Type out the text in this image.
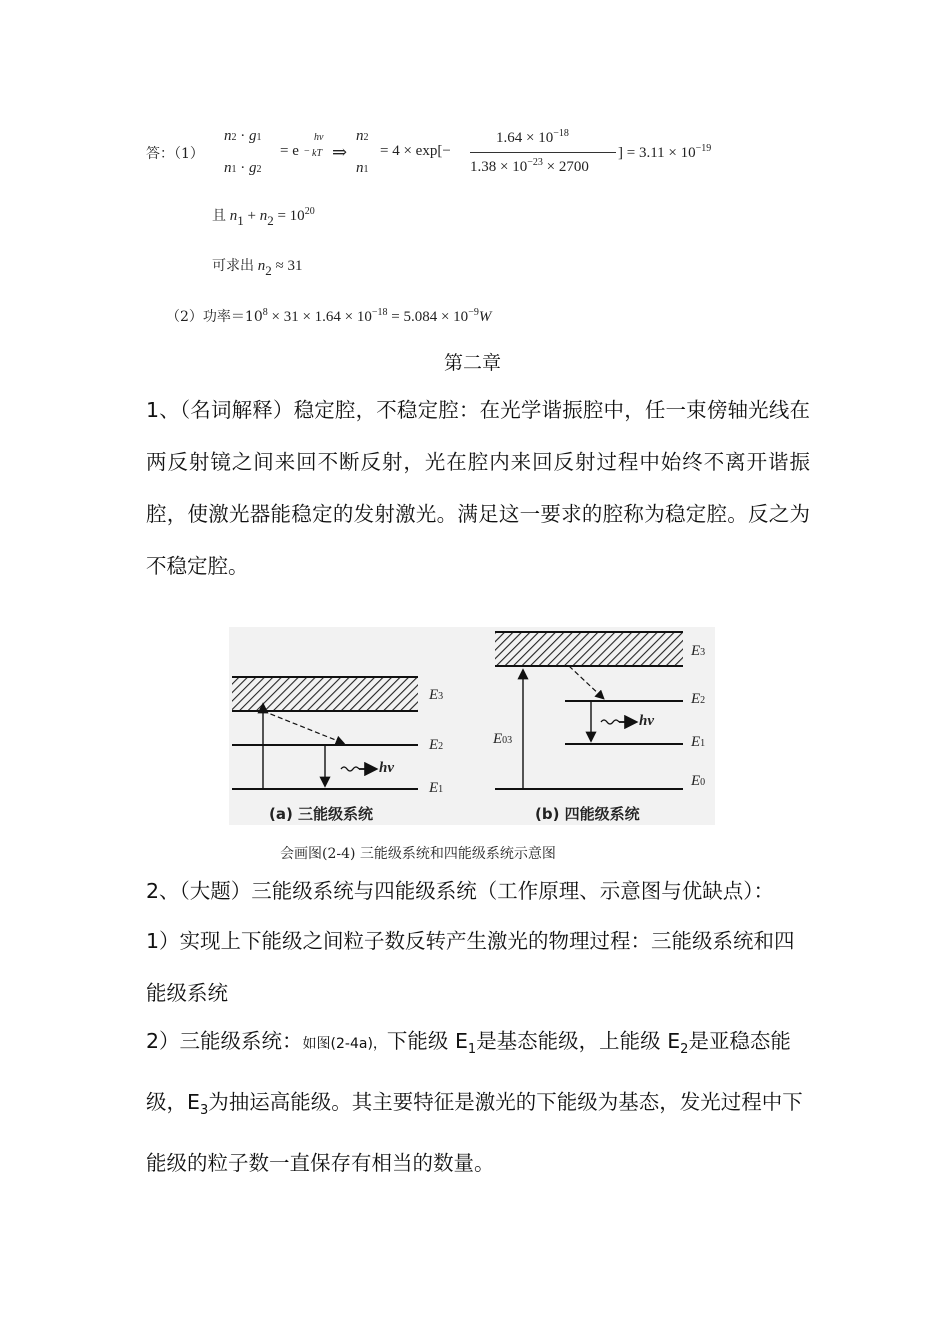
答：（1）
n2 · g1
n1 · g2
= e
hν
− kT ⇒
n2
n1
= 4 × exp[−
$1.64 \times 10^{-18}$
$1.38 \times 10^{-23} \times 2700$
] = $3.11 \times 10^{-19}$
且 $n1 + n2 = 10^{20}$
可求出 n2 ≈ 31
（2）功率$=10^8 \times 31 \times 1.64 \times 10^{-18} = 5.084 \times 10^{-9}W$
第二章
1、（名词解释）稳定腔，不稳定腔：在光学谐振腔中，任一束傍轴光线在两反射镜之间来回不断反射，光在腔内来回反射过程中始终不离开谐振腔，使激光器能稳定的发射激光。满足这一要求的腔称为稳定腔。反之为不稳定腔。
E3
E2
E1
hν
E3
E2
E1
E0
E03
hν
(a) 三能级系统	(b) 四能级系统
会画图(2-4) 三能级系统和四能级系统示意图
2、（大题）三能级系统与四能级系统（工作原理、示意图与优缺点）：
1）实现上下能级之间粒子数反转产生激光的物理过程：三能级系统和四能级系统
2）三能级系统：如图(2-4a)，下能级 $E_1$是基态能级，上能级 $E_2$是亚稳态能级，$E_3$为抽运高能级。其主要特征是激光的下能级为基态，发光过程中下能级的粒子数一直保存有相当的数量。
